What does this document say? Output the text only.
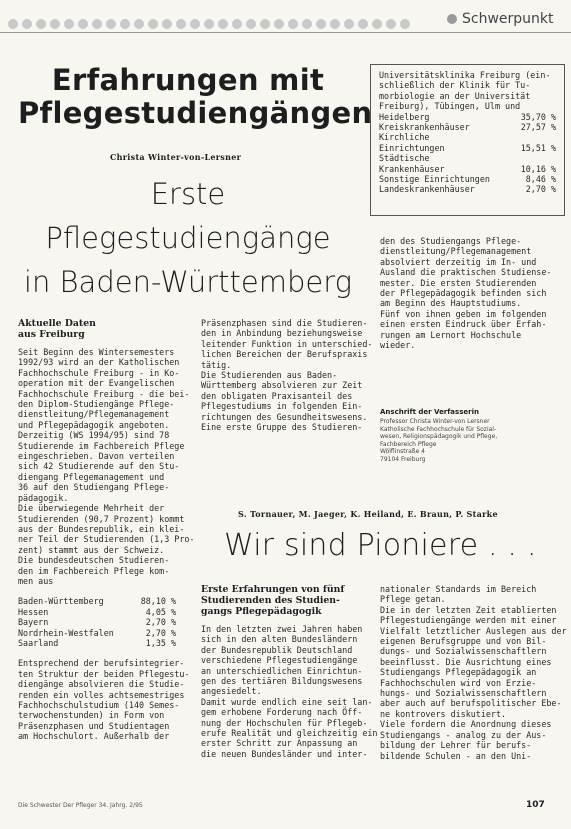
Schwerpunkt
Erfahrungen mit
Pflegestudiengängen
Christa Winter-von-Lersner
Erste Pflegestudiengänge
in Baden-Württemberg
Universitätsklinika Freiburg (ein-
schließlich der Klinik für Tu-
morbiologie an der Universität
Freiburg), Tübingen, Ulm und
Heidelberg	35,70 %
Kreiskrankenhäuser	27,57 %
Kirchliche
Einrichtungen	15,51 %
Städtische
Krankenhäuser	10,16 %
Sonstige Einrichtungen	8,46 %
Landeskrankenhäuser	2,70 %
Aktuelle Daten
aus Freiburg
Seit Beginn des Wintersemesters
1992/93 wird an der Katholischen
Fachhochschule Freiburg - in Ko-
operation mit der Evangelischen
Fachhochschule Freiburg - die bei-
den Diplom-Studiengänge Pflege-
dienstleitung/Pflegemanagement
und Pflegepädagogik angeboten.
Derzeitig (WS 1994/95) sind 78
Studierende im Fachbereich Pflege
eingeschrieben. Davon verteilen
sich 42 Studierende auf den Stu-
diengang Pflegemanagement und
36 auf den Studiengang Pflege-
pädagogik.
Die überwiegende Mehrheit der
Studierenden (90,7 Prozent) kommt
aus der Bundesrepublik, ein klei-
ner Teil der Studierenden (1,3 Pro-
zent) stammt aus der Schweiz.
Die bundesdeutschen Studieren-
den im Fachbereich Pflege kom-
men aus
Baden-Württemberg	88,10 %
Hessen	4,05 %
Bayern	2,70 %
Nordrhein-Westfalen	2,70 %
Saarland	1,35 %
Entsprechend der berufsintegrier-
ten Struktur der beiden Pflegestu-
diengänge absolvieren die Studie-
renden ein volles achtsemestriges
Fachhochschulstudium (140 Semes-
terwochenstunden) in Form von
Präsenzphasen und Studientagen
am Hochschulort. Außerhalb der
Präsenzphasen sind die Studieren-
den in Anbindung beziehungsweise
leitender Funktion in unterschied-
lichen Bereichen der Berufspraxis
tätig.
Die Studierenden aus Baden-
Württemberg absolvieren zur Zeit
den obligaten Praxisanteil des
Pflegestudiums in folgenden Ein-
richtungen des Gesundheitswesens.
Eine erste Gruppe des Studieren-
den des Studiengangs Pflege-
dienstleitung/Pflegemanagement
absolviert derzeitig im In- und
Ausland die praktischen Studiense-
mester. Die ersten Studierenden
der Pflegepädagogik befinden sich
am Beginn des Hauptstudiums.
Fünf von ihnen geben im folgenden
einen ersten Eindruck über Erfah-
rungen am Lernort Hochschule
wieder.
Anschrift der Verfasserin
Professor Christa Winter-von Lersner
Katholische Fachhochschule für Sozial-
wesen, Religionspädagogik und Pflege,
Fachbereich Pflege
Wölflinstraße 4
79104 Freiburg
S. Tornauer, M. Jaeger, K. Heiland, E. Braun, P. Starke
Wir sind Pioniere . . .
Erste Erfahrungen von fünf
Studierenden des Studien-
gangs Pflegepädagogik
In den letzten zwei Jahren haben
sich in den alten Bundesländern
der Bundesrepublik Deutschland
verschiedene Pflegestudiengänge
an unterschiedlichen Einrichtun-
gen des tertiären Bildungswesens
angesiedelt.
Damit wurde endlich eine seit lan-
gem erhobene Forderung nach Öff-
nung der Hochschulen für Pflegeb-
erufe Realität und gleichzeitig ein
erster Schritt zur Anpassung an
die neuen Bundesländer und inter-
nationaler Standards im Bereich
Pflege getan.
Die in der letzten Zeit etablierten
Pflegestudiengänge werden mit einer
Vielfalt letztlicher Auslegen aus der
eigenen Berufsgruppe und von Bil-
dungs- und Sozialwissenschaftlern
beeinflusst. Die Ausrichtung eines
Studiengangs Pflegepädagogik an
Fachhochschulen wird von Erzie-
hungs- und Sozialwissenschaftlern
aber auch auf berufspolitischer Ebe-
ne kontrovers diskutiert.
Viele fordern die Anordnung dieses
Studiengangs - analog zu der Aus-
bildung der Lehrer für berufs-
bildende Schulen - an den Uni-
Die Schwester Der Pfleger 34. Jahrg. 2/95	107
